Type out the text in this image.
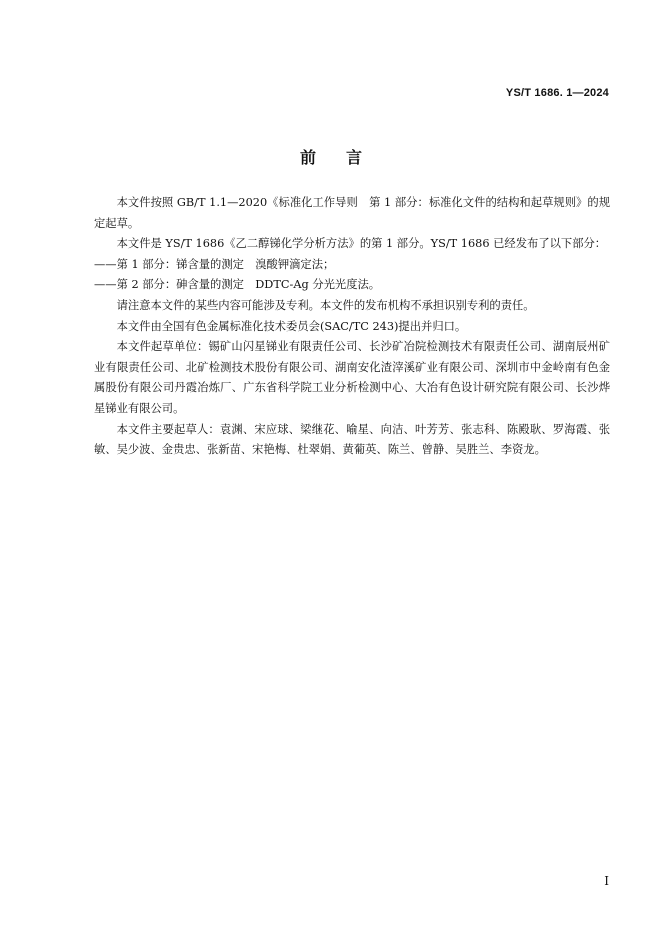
YS/T 1686. 1—2024
前 言

本文件按照 GB/T 1.1—2020《标准化工作导则　第 1 部分：标准化文件的结构和起草规则》的规定起草。

本文件是 YS/T 1686《乙二醇锑化学分析方法》的第 1 部分。YS/T 1686 已经发布了以下部分：

——第 1 部分：锑含量的测定　溴酸钾滴定法；

——第 2 部分：砷含量的测定　DDTC-Ag 分光光度法。

请注意本文件的某些内容可能涉及专利。本文件的发布机构不承担识别专利的责任。

本文件由全国有色金属标准化技术委员会(SAC/TC 243)提出并归口。

本文件起草单位：锡矿山闪星锑业有限责任公司、长沙矿冶院检测技术有限责任公司、湖南辰州矿业有限责任公司、北矿检测技术股份有限公司、湖南安化渣滓溪矿业有限公司、深圳市中金岭南有色金属股份有限公司丹霞冶炼厂、广东省科学院工业分析检测中心、大冶有色设计研究院有限公司、长沙烨星锑业有限公司。

本文件主要起草人：袁渊、宋应球、梁继花、喻星、向洁、叶芳芳、张志科、陈殿耿、罗海霞、张敏、吴少波、金贵忠、张新苗、宋艳梅、杜翠娟、黄葡英、陈兰、曾静、吴胜兰、李资龙。

I
